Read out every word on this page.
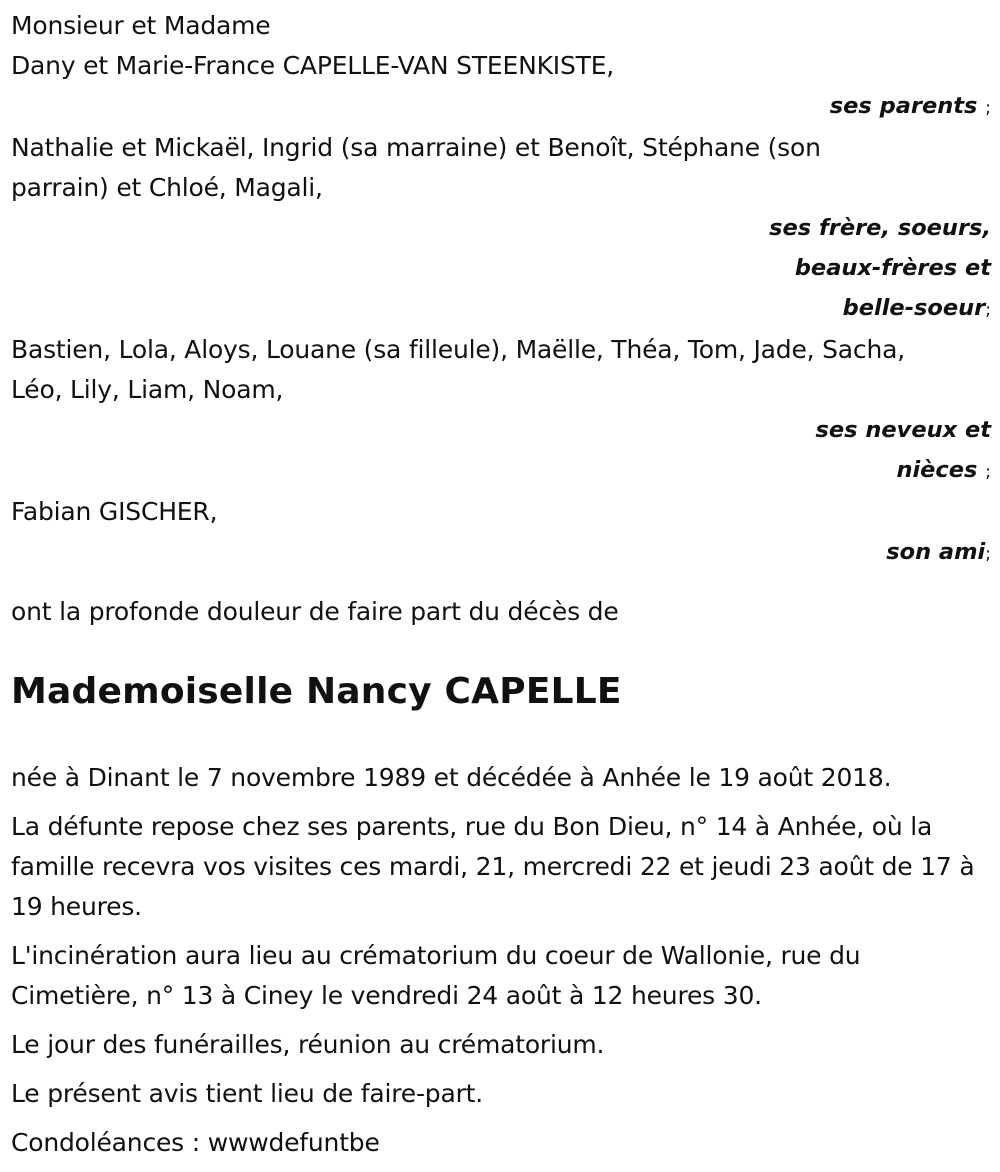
Monsieur et Madame
Dany et Marie-France CAPELLE-VAN STEENKISTE,
ses parents ;
Nathalie et Mickaël, Ingrid (sa marraine) et Benoît, Stéphane (son
parrain) et Chloé, Magali,
ses frère, soeurs,
beaux-frères et
belle-soeur;
Bastien, Lola, Aloys, Louane (sa filleule), Maëlle, Théa, Tom, Jade, Sacha,
Léo, Lily, Liam, Noam,
ses neveux et
nièces ;
Fabian GISCHER,
son ami;
ont la profonde douleur de faire part du décès de
Mademoiselle Nancy CAPELLE
née à Dinant le 7 novembre 1989 et décédée à Anhée le 19 août 2018.
La défunte repose chez ses parents, rue du Bon Dieu, n° 14 à Anhée, où la famille recevra vos visites ces mardi, 21, mercredi 22 et jeudi 23 août de 17 à 19 heures.
L'incinération aura lieu au crématorium du coeur de Wallonie, rue du Cimetière, n° 13 à Ciney le vendredi 24 août à 12 heures 30.
Le jour des funérailles, réunion au crématorium.
Le présent avis tient lieu de faire-part.
Condoléances : wwwdefuntbe
